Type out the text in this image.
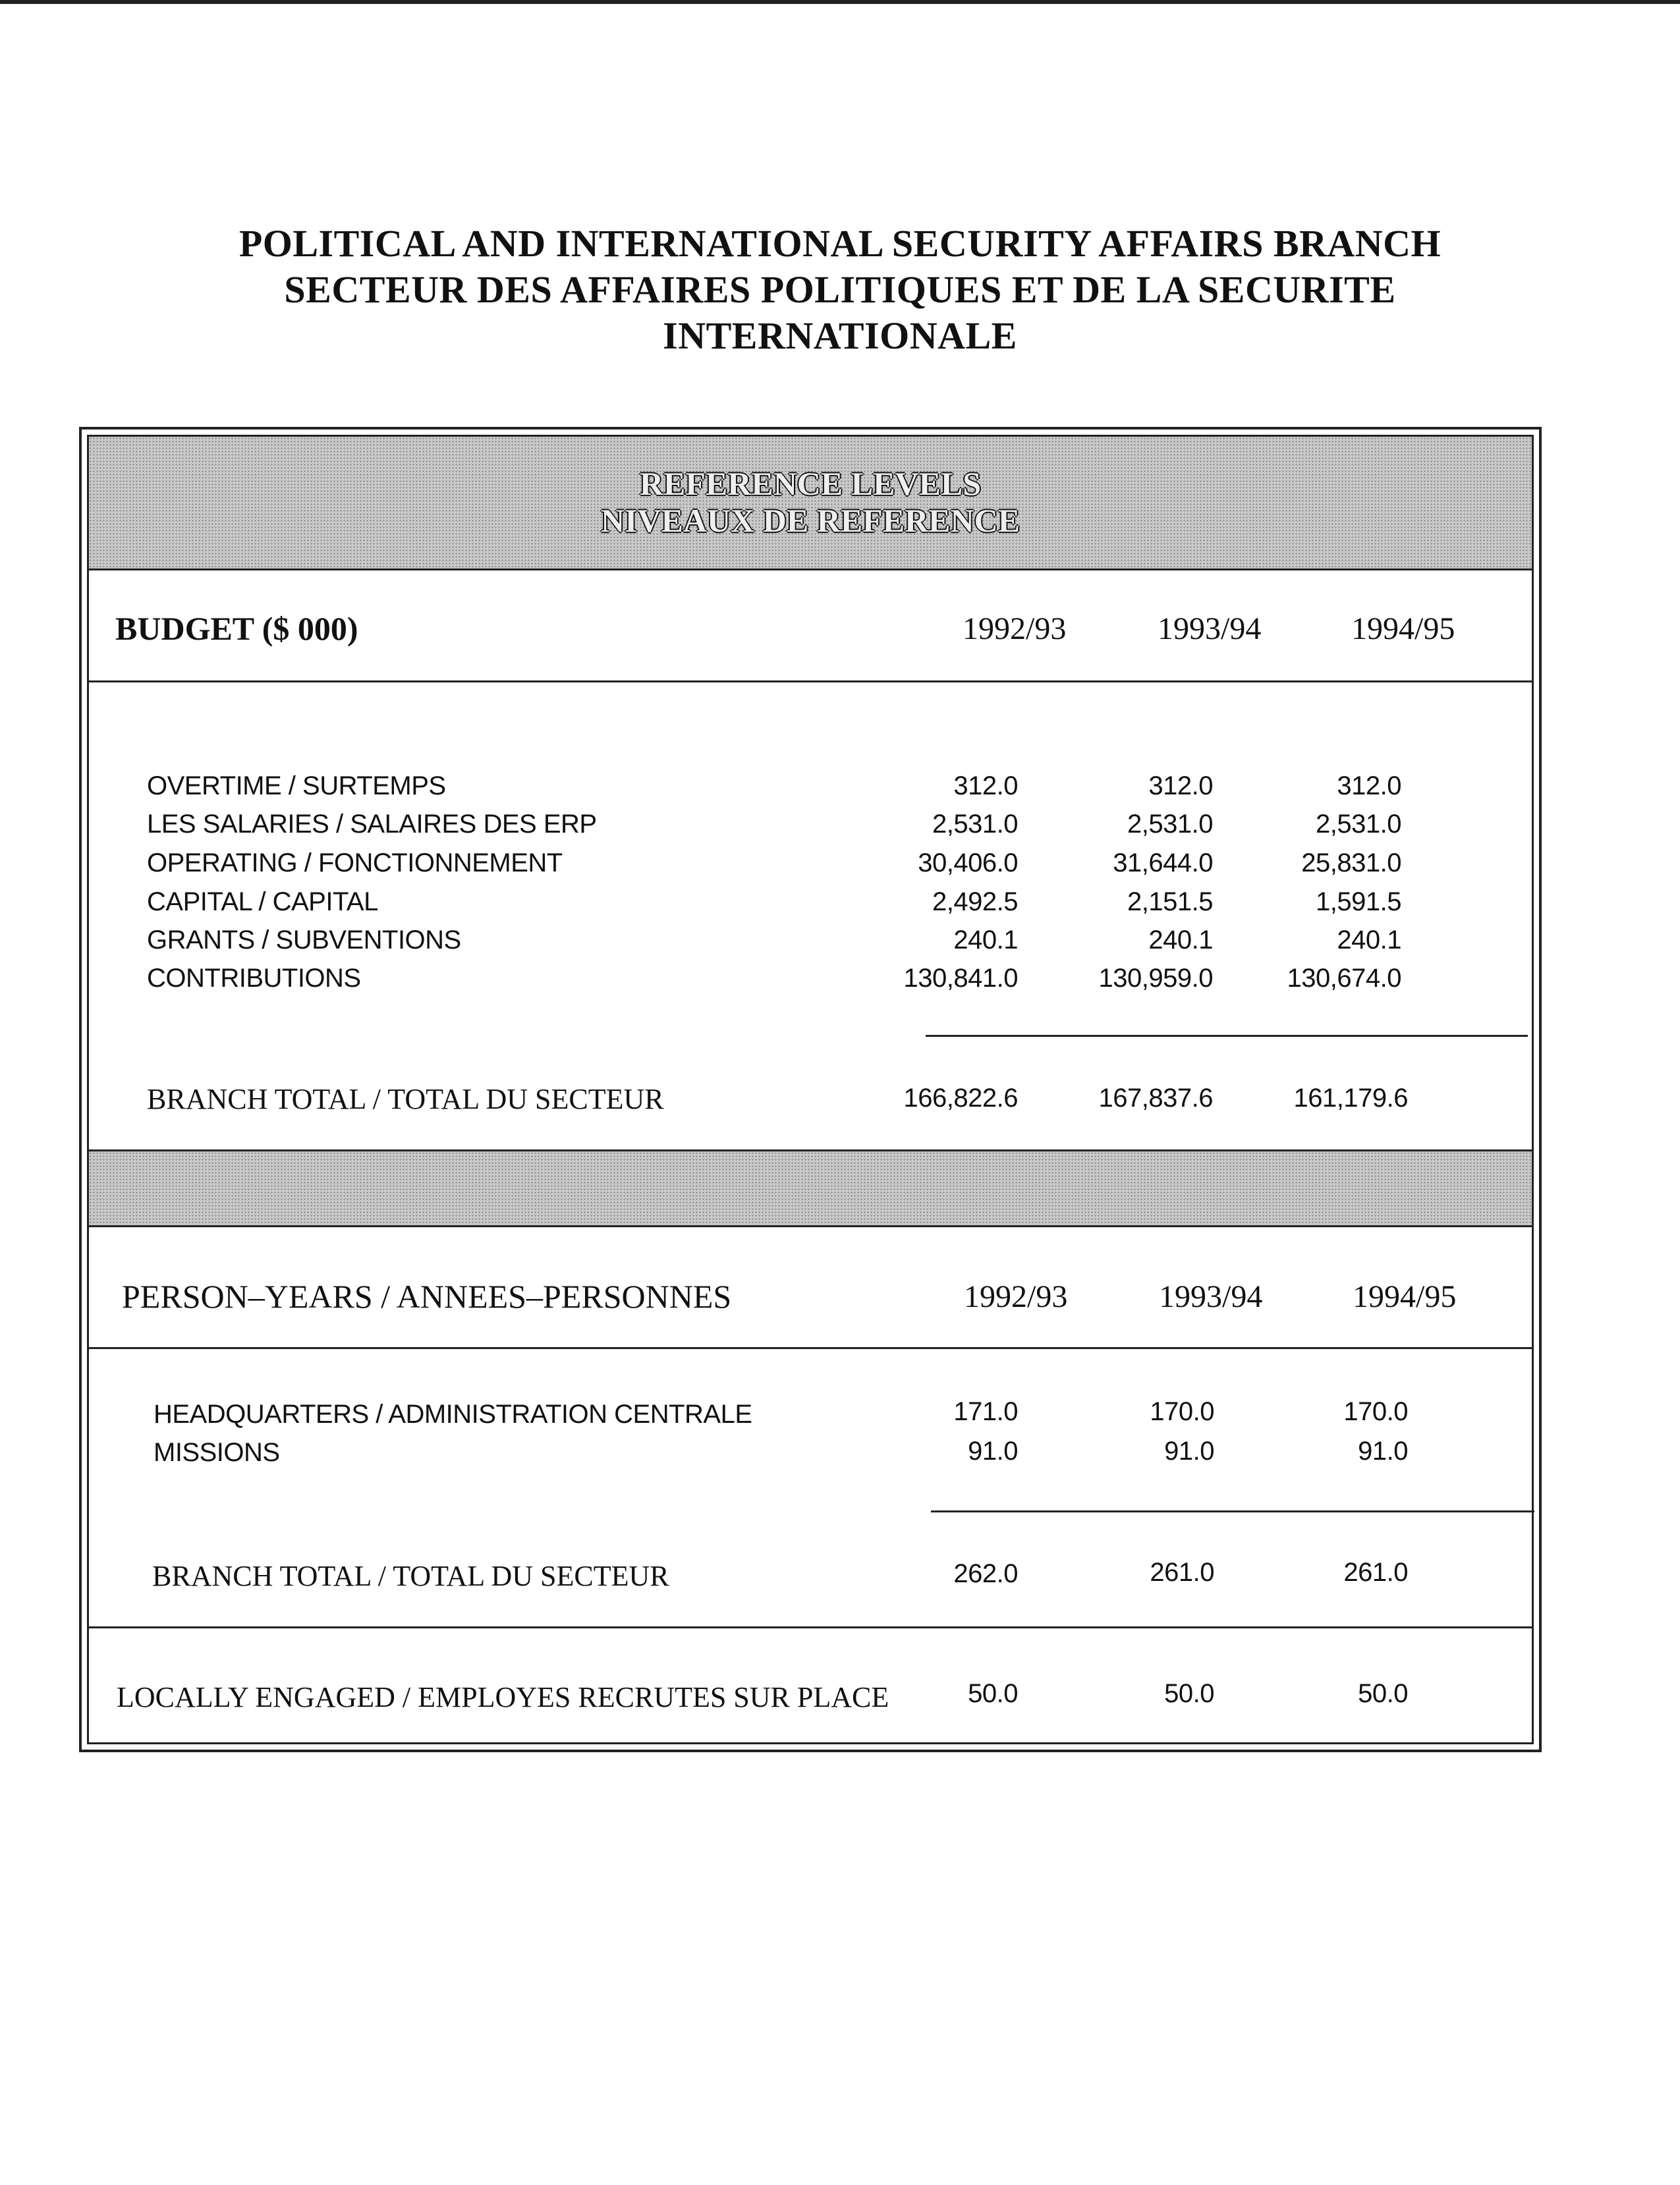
POLITICAL AND INTERNATIONAL SECURITY AFFAIRS BRANCH
SECTEUR DES AFFAIRES POLITIQUES ET DE LA SECURITE
INTERNATIONALE
REFERENCE LEVELS
NIVEAUX DE REFERENCE
BUDGET ($ 000)	1992/93	1993/94	1994/95
OVERTIME / SURTEMPS	312.0	312.0	312.0
LES SALARIES / SALAIRES DES ERP	2,531.0	2,531.0	2,531.0
OPERATING / FONCTIONNEMENT	30,406.0	31,644.0	25,831.0
CAPITAL / CAPITAL	2,492.5	2,151.5	1,591.5
GRANTS / SUBVENTIONS	240.1	240.1	240.1
CONTRIBUTIONS	130,841.0	130,959.0	130,674.0
BRANCH TOTAL / TOTAL DU SECTEUR	166,822.6	167,837.6	161,179.6
PERSON–YEARS / ANNEES–PERSONNES	1992/93	1993/94	1994/95
HEADQUARTERS / ADMINISTRATION CENTRALE	171.0	170.0	170.0
MISSIONS	91.0	91.0	91.0
BRANCH TOTAL / TOTAL DU SECTEUR	262.0	261.0	261.0
LOCALLY ENGAGED / EMPLOYES RECRUTES SUR PLACE	50.0	50.0	50.0
